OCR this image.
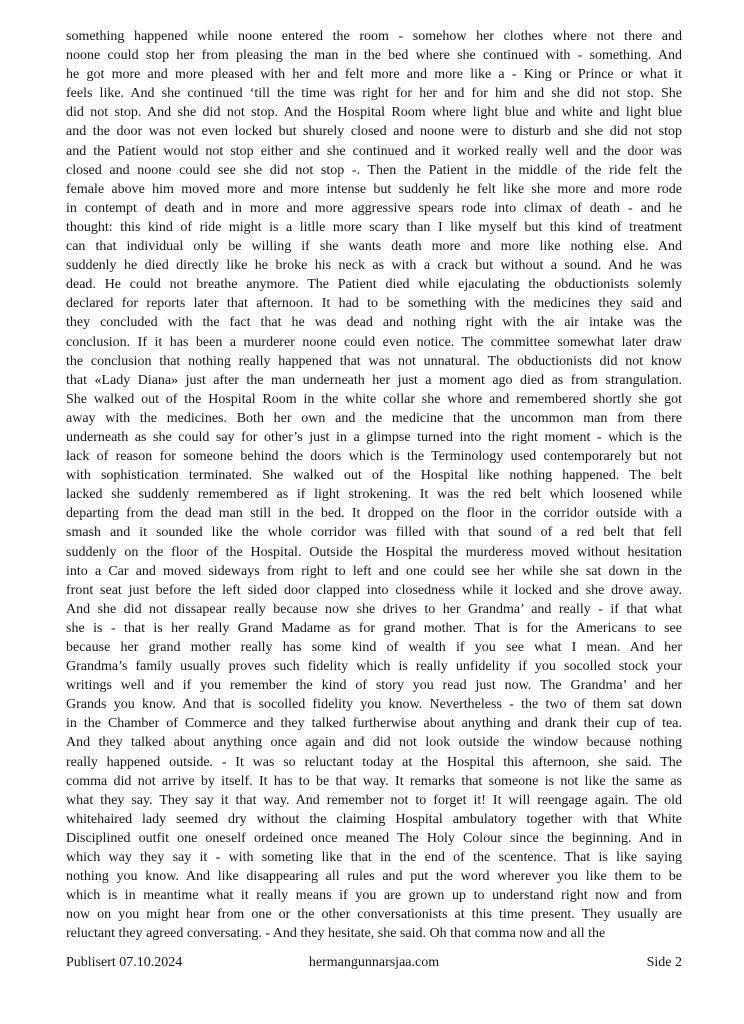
something happened while noone entered the room - somehow her clothes where not there and
noone could stop her from pleasing the man in the bed where she continued with - something. And
he got more and more pleased with her and felt more and more like a - King or Prince or what it
feels like. And she continued ‘till the time was right for her and for him and she did not stop. She
did not stop. And she did not stop. And the Hospital Room where light blue and white and light blue
and the door was not even locked but shurely closed and noone were to disturb and she did not stop
and the Patient would not stop either and she continued and it worked really well and the door was
closed and noone could see she did not stop -. Then the Patient in the middle of the ride felt the
female above him moved more and more intense but suddenly he felt like she more and more rode
in contempt of death and in more and more aggressive spears rode into climax of death - and he
thought: this kind of ride might is a litlle more scary than I like myself but this kind of treatment
can that individual only be willing if she wants death more and more like nothing else. And
suddenly he died directly like he broke his neck as with a crack but without a sound. And he was
dead. He could not breathe anymore. The Patient died while ejaculating the obductionists solemly
declared for reports later that afternoon. It had to be something with the medicines they said and
they concluded with the fact that he was dead and nothing right with the air intake was the
conclusion. If it has been a murderer noone could even notice. The committee somewhat later draw
the conclusion that nothing really happened that was not unnatural. The obductionists did not know
that «Lady Diana» just after the man underneath her just a moment ago died as from strangulation.
She walked out of the Hospital Room in the white collar she whore and remembered shortly she got
away with the medicines. Both her own and the medicine that the uncommon man from there
underneath as she could say for other’s just in a glimpse turned into the right moment - which is the
lack of reason for someone behind the doors which is the Terminology used contemporarely but not
with sophistication terminated. She walked out of the Hospital like nothing happened. The belt
lacked she suddenly remembered as if light strokening. It was the red belt which loosened while
departing from the dead man still in the bed. It dropped on the floor in the corridor outside with a
smash and it sounded like the whole corridor was filled with that sound of a red belt that fell
suddenly on the floor of the Hospital. Outside the Hospital the murderess moved without hesitation
into a Car and moved sideways from right to left and one could see her while she sat down in the
front seat just before the left sided door clapped into closedness while it locked and she drove away.
And she did not dissapear really because now she drives to her Grandma’ and really - if that what
she is - that is her really Grand Madame as for grand mother. That is for the Americans to see
because her grand mother really has some kind of wealth if you see what I mean. And her
Grandma’s family usually proves such fidelity which is really unfidelity if you socolled stock your
writings well and if you remember the kind of story you read just now. The Grandma’ and her
Grands you know. And that is socolled fidelity you know. Nevertheless - the two of them sat down
in the Chamber of Commerce and they talked furtherwise about anything and drank their cup of tea.
And they talked about anything once again and did not look outside the window because nothing
really happened outside. - It was so reluctant today at the Hospital this afternoon, she said. The
comma did not arrive by itself. It has to be that way. It remarks that someone is not like the same as
what they say. They say it that way. And remember not to forget it! It will reengage again. The old
whitehaired lady seemed dry without the claiming Hospital ambulatory together with that White
Disciplined outfit one oneself ordeined once meaned The Holy Colour since the beginning. And in
which way they say it - with someting like that in the end of the scentence. That is like saying
nothing you know. And like disappearing all rules and put the word wherever you like them to be
which is in meantime what it really means if you are grown up to understand right now and from
now on you might hear from one or the other conversationists at this time present. They usually are
reluctant they agreed conversating. - And they hesitate, she said. Oh that comma now and all the
Publisert 07.10.2024	hermangunnarsjaa.com	Side 2
